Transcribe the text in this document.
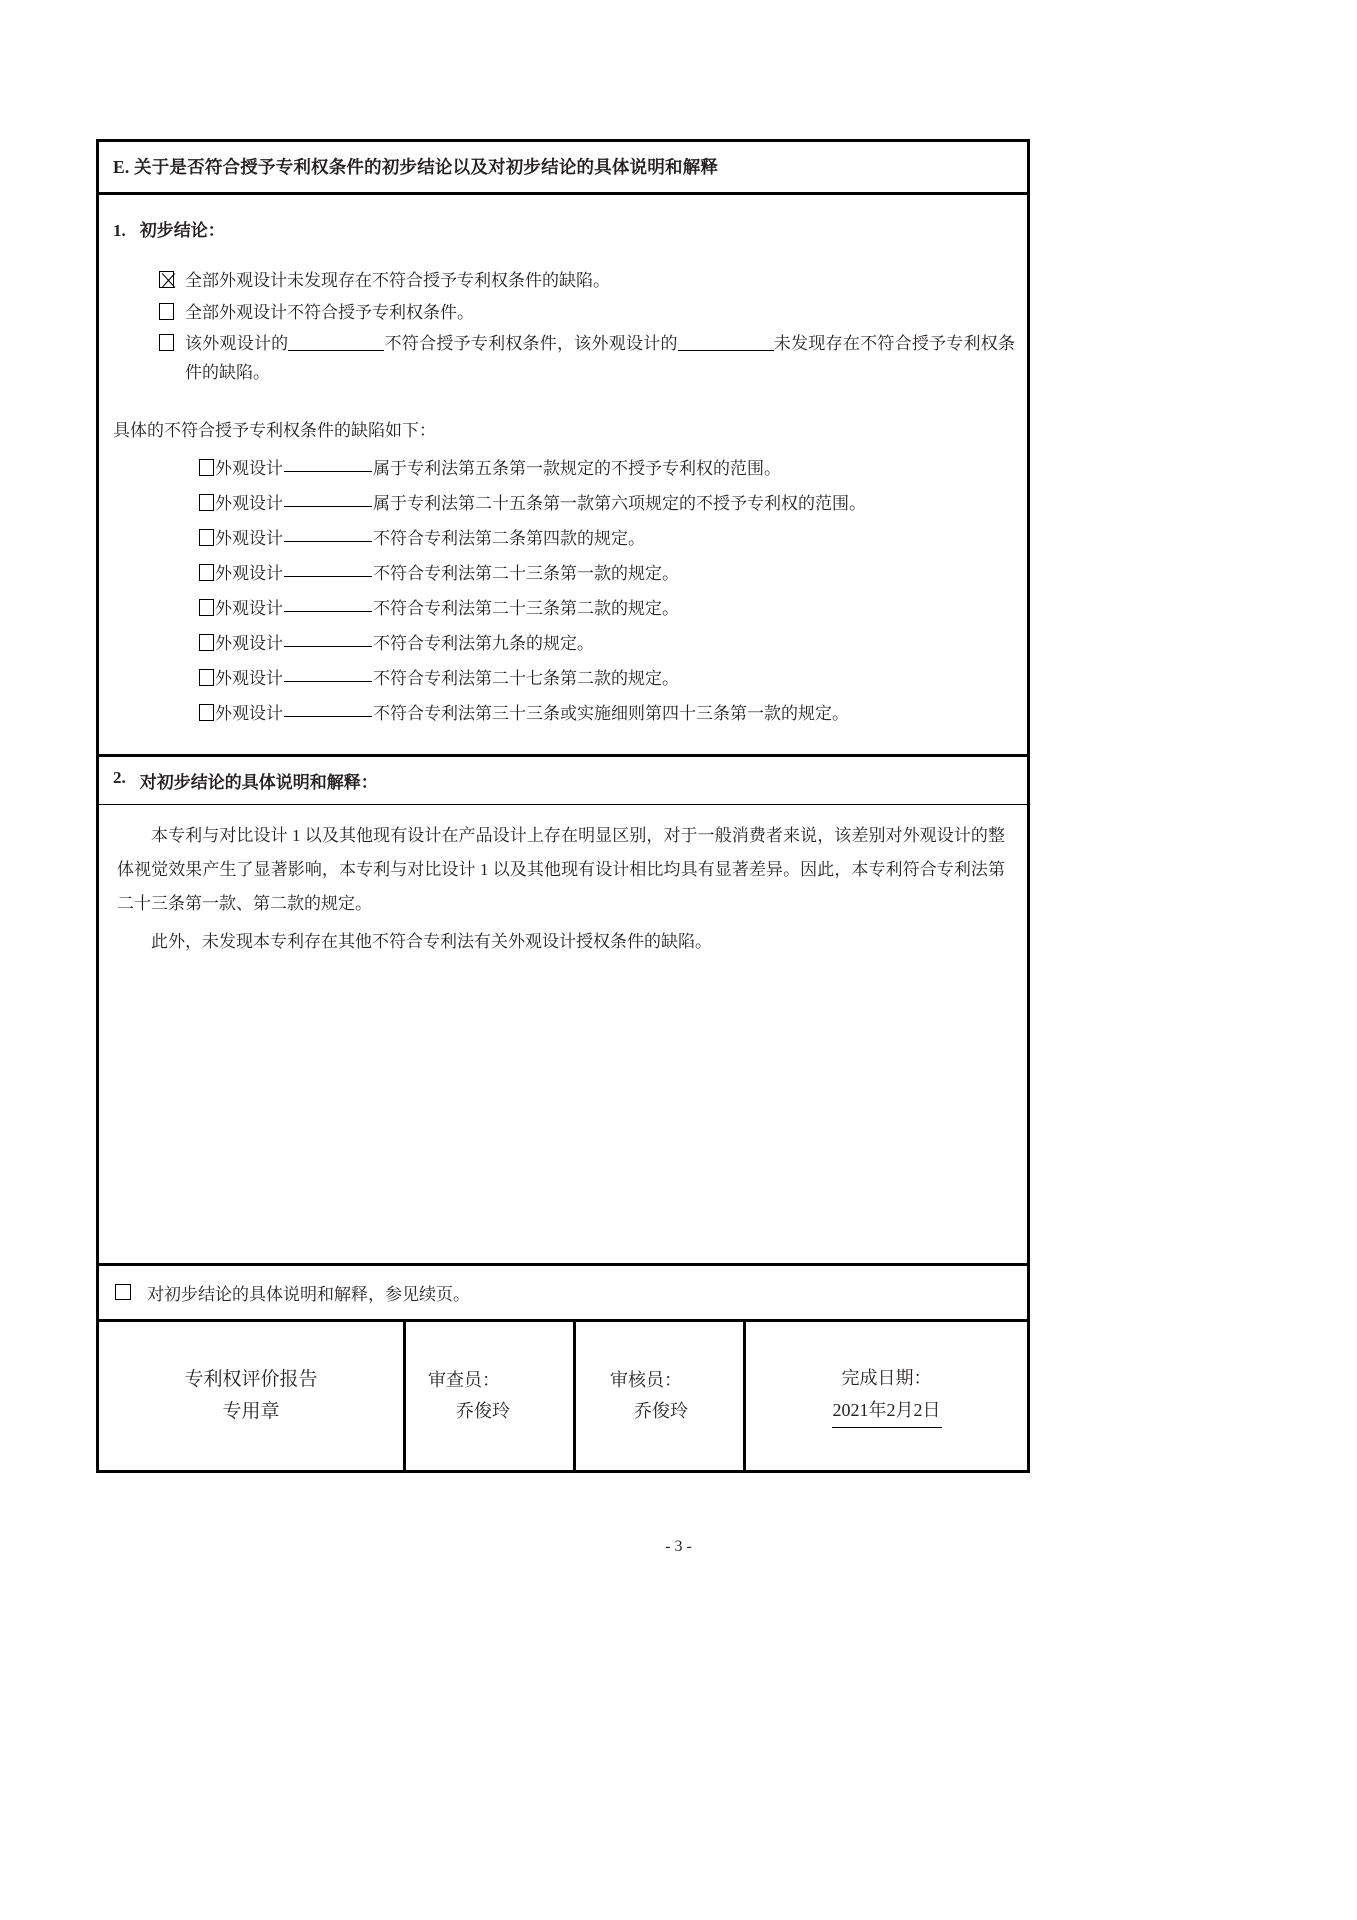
E. 关于是否符合授予专利权条件的初步结论以及对初步结论的具体说明和解释
1. 初步结论：
全部外观设计未发现存在不符合授予专利权条件的缺陷。
全部外观设计不符合授予专利权条件。
该外观设计的	不符合授予专利权条件，该外观设计的	未发现存在不符合授予专利权条件的缺陷。
具体的不符合授予专利权条件的缺陷如下：
外观设计	属于专利法第五条第一款规定的不授予专利权的范围。
外观设计	属于专利法第二十五条第一款第六项规定的不授予专利权的范围。
外观设计	不符合专利法第二条第四款的规定。
外观设计	不符合专利法第二十三条第一款的规定。
外观设计	不符合专利法第二十三条第二款的规定。
外观设计	不符合专利法第九条的规定。
外观设计	不符合专利法第二十七条第二款的规定。
外观设计	不符合专利法第三十三条或实施细则第四十三条第一款的规定。
2. 对初步结论的具体说明和解释：

本专利与对比设计 1 以及其他现有设计在产品设计上存在明显区别，对于一般消费者来说，该差别对外观设计的整体视觉效果产生了显著影响，本专利与对比设计 1 以及其他现有设计相比均具有显著差异。因此，本专利符合专利法第二十三条第一款、第二款的规定。

此外，未发现本专利存在其他不符合专利法有关外观设计授权条件的缺陷。

对初步结论的具体说明和解释，参见续页。
专利权评价报告
专用章
审查员：
乔俊玲
审核员：
乔俊玲
完成日期：
2021年2月2日
- 3 -
